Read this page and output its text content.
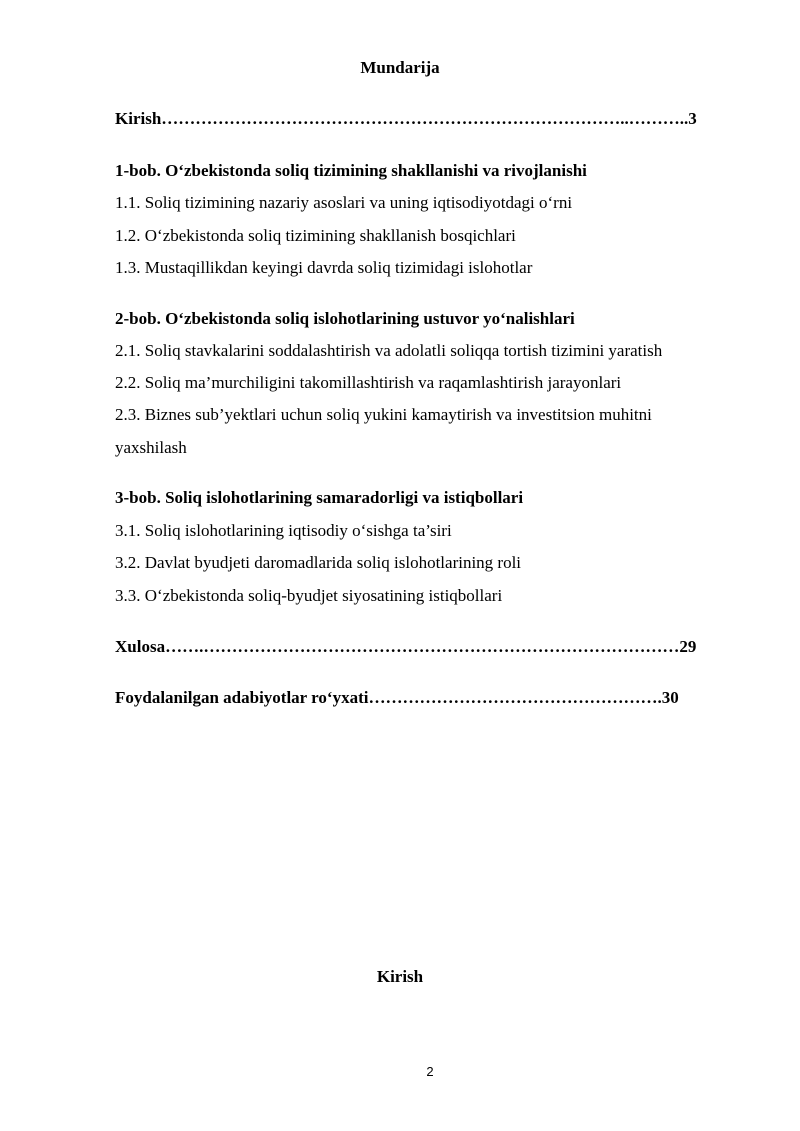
Mundarija
Kirish………………………………………………………………………..………..3
1-bob. O‘zbekistonda soliq tizimining shakllanishi va rivojlanishi
1.1. Soliq tizimining nazariy asoslari va uning iqtisodiyotdagi o‘rni
1.2. O‘zbekistonda soliq tizimining shakllanish bosqichlari
1.3. Mustaqillikdan keyingi davrda soliq tizimidagi islohotlar
2-bob. O‘zbekistonda soliq islohotlarining ustuvor yo‘nalishlari
2.1. Soliq stavkalarini soddalashtirish va adolatli soliqqa tortish tizimini yaratish
2.2. Soliq ma’murchiligini takomillashtirish va raqamlashtirish jarayonlari
2.3. Biznes sub’yektlari uchun soliq yukini kamaytirish va investitsion muhitni
yaxshilash
3-bob. Soliq islohotlarining samaradorligi va istiqbollari
3.1. Soliq islohotlarining iqtisodiy o‘sishga ta’siri
3.2. Davlat byudjeti daromadlarida soliq islohotlarining roli
3.3. O‘zbekistonda soliq-byudjet siyosatining istiqbollari
Xulosa…….…………………………………………………………………………29
Foydalanilgan adabiyotlar ro‘yxati…………………………………………….30
Kirish
2
